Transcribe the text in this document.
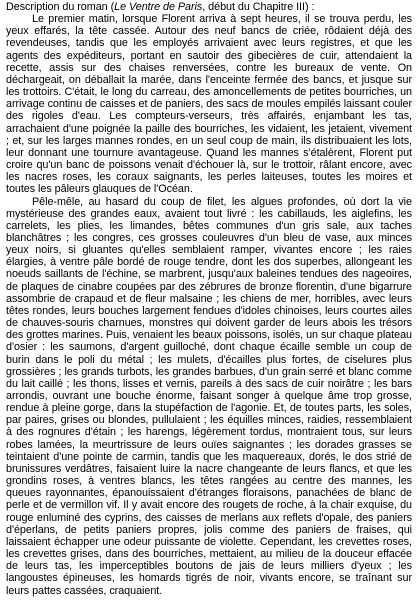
Description du roman (Le Ventre de Paris, début du Chapitre III) :

Le premier matin, lorsque Florent arriva à sept heures, il se trouva perdu, les yeux effarés, la tête cassée. Autour des neuf bancs de criée, rôdaient déjà des revendeuses, tandis que les employés arrivaient avec leurs registres, et que les agents des expéditeurs, portant en sautoir des gibecières de cuir, attendaient la recette, assis sur des chaises renversées, contre les bureaux de vente. On déchargeait, on déballait la marée, dans l'enceinte fermée des bancs, et jusque sur les trottoirs. C'était, le long du carreau, des amoncellements de petites bourriches, un arrivage continu de caisses et de paniers, des sacs de moules empilés laissant couler des rigoles d'eau. Les compteurs-verseurs, très affairés, enjambant les tas, arrachaient d'une poignée la paille des bourriches, les vidaient, les jetaient, vivement ; et, sur les larges mannes rondes, en un seul coup de main, ils distribuaient les lots, leur donnant une tournure avantageuse. Quand les mannes s'étalèrent, Florent put croire qu'un banc de poissons venait d'échouer là, sur le trottoir, râlant encore, avec les nacres roses, les coraux saignants, les perles laiteuses, toutes les moires et toutes les pâleurs glauques de l'Océan.

Pêle-mêle, au hasard du coup de filet, les algues profondes, où dort la vie mystérieuse des grandes eaux, avaient tout livré : les cabillauds, les aiglefins, les carrelets, les plies, les limandes, bêtes communes d'un gris sale, aux taches blanchâtres ; les congres, ces grosses couleuvres d'un bleu de vase, aux minces yeux noirs, si gluantes qu'elles semblaient ramper, vivantes encore ; les raies élargies, à ventre pâle bordé de rouge tendre, dont les dos superbes, allongeant les noeuds saillants de l'échine, se marbrent, jusqu'aux baleines tendues des nageoires, de plaques de cinabre coupées par des zébrures de bronze florentin, d'une bigarrure assombrie de crapaud et de fleur malsaine ; les chiens de mer, horribles, avec leurs têtes rondes, leurs bouches largement fendues d'idoles chinoises, leurs courtes ailes de chauves-souris charnues, monstres qui doivent garder de leurs abois les trésors des grottes marines. Puis, venaient les beaux poissons, isolés, un sur chaque plateau d'osier : les saumons, d'argent guilloché, dont chaque écaille semble un coup de burin dans le poli du métal ; les mulets, d'écailles plus fortes, de ciselures plus grossières ; les grands turbots, les grandes barbues, d'un grain serré et blanc comme du lait caillé ; les thons, lisses et vernis, pareils à des sacs de cuir noirâtre ; les bars arrondis, ouvrant une bouche énorme, faisant songer à quelque âme trop grosse, rendue à pleine gorge, dans la stupéfaction de l'agonie. Et, de toutes parts, les soles, par paires, grises ou blondes, pullulaient ; les équilles minces, raidies, ressemblaient à des rognures d'étain ; les harengs, légèrement tordus, montraient tous, sur leurs robes lamées, la meurtrissure de leurs ouïes saignantes ; les dorades grasses se teintaient d'une pointe de carmin, tandis que les maquereaux, dorés, le dos strié de brunissures verdâtres, faisaient luire la nacre changeante de leurs flancs, et que les grondins roses, à ventres blancs, les têtes rangées au centre des mannes, les queues rayonnantes, épanouissaient d'étranges floraisons, panachées de blanc de perle et de vermillon vif. Il y avait encore des rougets de roche, à la chair exquise, du rouge enluminé des cyprins, des caisses de merlans aux reflets d'opale, des paniers d'éperlans, de petits paniers propres, jolis comme des paniers de fraises, qui laissaient échapper une odeur puissante de violette. Cependant, les crevettes roses, les crevettes grises, dans des bourriches, mettaient, au milieu de la douceur effacée de leurs tas, les imperceptibles boutons de jais de leurs milliers d'yeux ; les langoustes épineuses, les homards tigrés de noir, vivants encore, se traînant sur leurs pattes cassées, craquaient.
